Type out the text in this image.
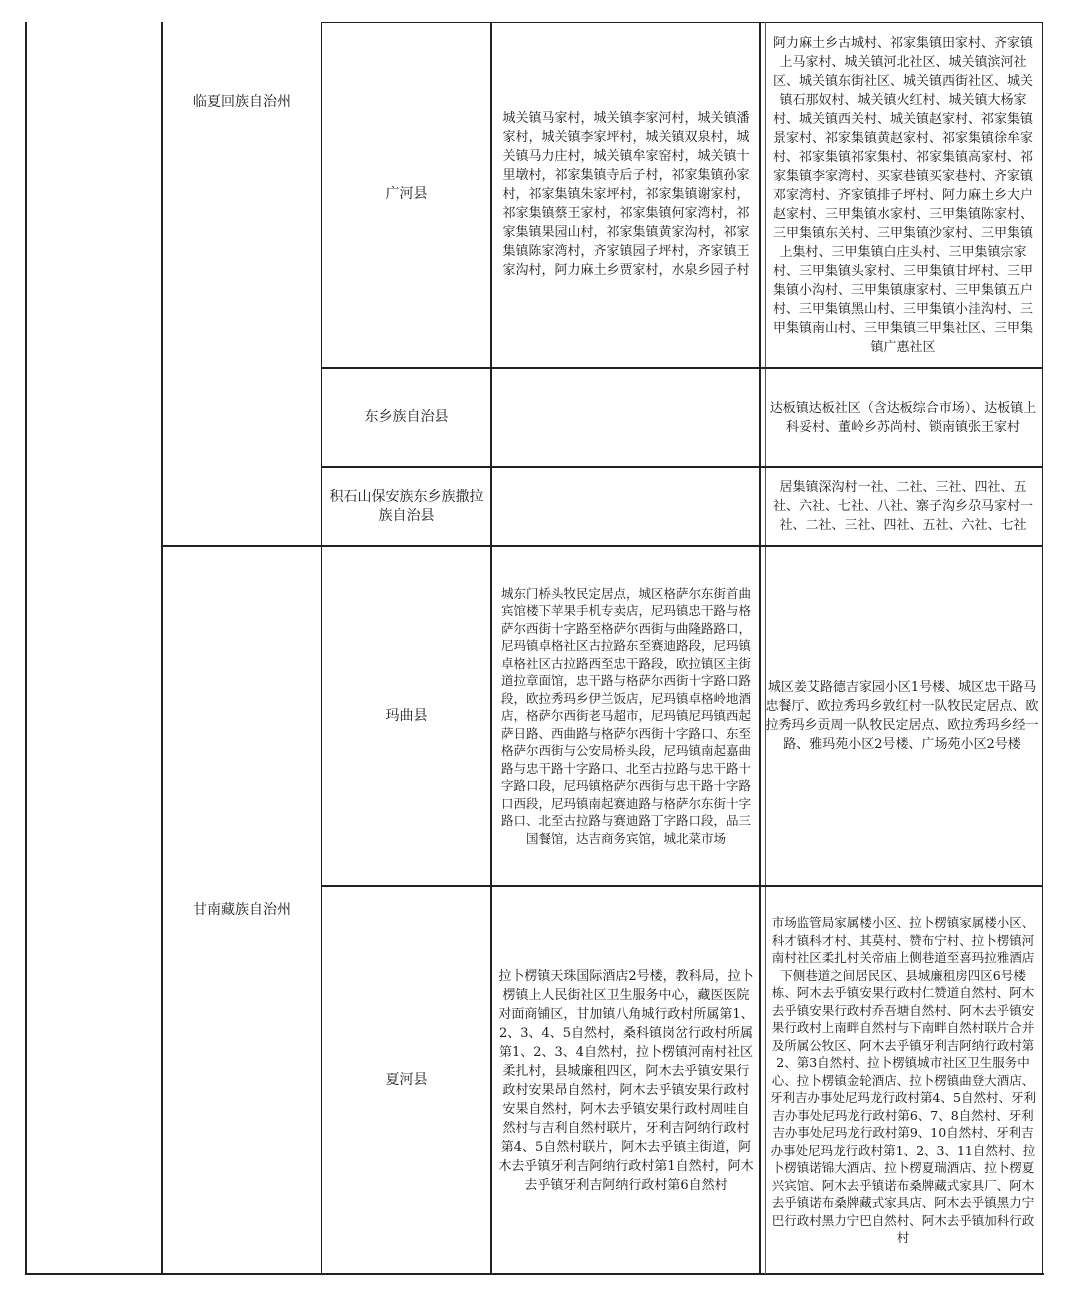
临夏回族自治州
甘南藏族自治州
广河县
城关镇马家村，城关镇李家河村，城关镇潘家村，城关镇李家坪村，城关镇双泉村，城关镇马力庄村，城关镇牟家窑村，城关镇十里墩村，祁家集镇寺后子村，祁家集镇孙家村，祁家集镇朱家坪村，祁家集镇谢家村，祁家集镇蔡王家村，祁家集镇何家湾村，祁家集镇果园山村，祁家集镇黄家沟村，祁家集镇陈家湾村，齐家镇园子坪村，齐家镇王家沟村，阿力麻土乡贾家村，水泉乡园子村
阿力麻土乡古城村、祁家集镇田家村、齐家镇上马家村、城关镇河北社区、城关镇滨河社区、城关镇东街社区、城关镇西街社区、城关镇石那奴村、城关镇火红村、城关镇大杨家村、城关镇西关村、城关镇赵家村、祁家集镇景家村、祁家集镇黄赵家村、祁家集镇徐牟家村、祁家集镇祁家集村、祁家集镇高家村、祁家集镇李家湾村、买家巷镇买家巷村、齐家镇邓家湾村、齐家镇排子坪村、阿力麻土乡大户赵家村、三甲集镇水家村、三甲集镇陈家村、三甲集镇东关村、三甲集镇沙家村、三甲集镇上集村、三甲集镇白庄头村、三甲集镇宗家村、三甲集镇头家村、三甲集镇甘坪村、三甲集镇小沟村、三甲集镇康家村、三甲集镇五户村、三甲集镇黑山村、三甲集镇小洼沟村、三甲集镇南山村、三甲集镇三甲集社区、三甲集镇广惠社区
东乡族自治县
达板镇达板社区（含达板综合市场）、达板镇上科妥村、董岭乡苏尚村、锁南镇张王家村
积石山保安族东乡族撒拉族自治县
居集镇深沟村一社、二社、三社、四社、五社、六社、七社、八社、寨子沟乡尕马家村一社、二社、三社、四社、五社、六社、七社
玛曲县
城东门桥头牧民定居点，城区格萨尔东街首曲宾馆楼下苹果手机专卖店，尼玛镇忠干路与格萨尔西街十字路至格萨尔西街与曲隆路路口，尼玛镇卓格社区古拉路东至赛迪路段，尼玛镇卓格社区古拉路西至忠干路段，欧拉镇区主街道拉章面馆，忠干路与格萨尔西街十字路口路段，欧拉秀玛乡伊兰饭店，尼玛镇卓格岭地酒店，格萨尔西街老马超市，尼玛镇尼玛镇西起萨日路、西曲路与格萨尔西街十字路口、东至格萨尔西街与公安局桥头段，尼玛镇南起嘉曲路与忠干路十字路口、北至古拉路与忠干路十字路口段，尼玛镇格萨尔西街与忠干路十字路口西段，尼玛镇南起赛迪路与格萨尔东街十字路口、北至古拉路与赛迪路丁字路口段，品三国餐馆，达吉商务宾馆，城北菜市场
城区姜艾路德吉家园小区1号楼、城区忠干路马忠餐厅、欧拉秀玛乡敦红村一队牧民定居点、欧拉秀玛乡贡周一队牧民定居点、欧拉秀玛乡经一路、雅玛苑小区2号楼、广场苑小区2号楼
夏河县
拉卜楞镇天珠国际酒店2号楼，教科局，拉卜楞镇上人民街社区卫生服务中心，藏医医院对面商铺区，甘加镇八角城行政村所属第1、2、3、4、5自然村，桑科镇岗岔行政村所属第1、2、3、4自然村，拉卜楞镇河南村社区柔扎村，县城廉租四区，阿木去乎镇安果行政村安果昂自然村，阿木去乎镇安果行政村安果自然村，阿木去乎镇安果行政村周哇自然村与吉利自然村联片，牙利吉阿纳行政村第4、5自然村联片，阿木去乎镇主街道，阿木去乎镇牙利吉阿纳行政村第1自然村，阿木去乎镇牙利吉阿纳行政村第6自然村
市场监管局家属楼小区、拉卜楞镇家属楼小区、科才镇科才村、其莫村、赞布宁村、拉卜楞镇河南村社区柔扎村关帝庙上侧巷道至喜玛拉雅酒店下侧巷道之间居民区、县城廉租房四区6号楼栋、阿木去乎镇安果行政村仁赞道自然村、阿木去乎镇安果行政村乔吾塘自然村、阿木去乎镇安果行政村上南畔自然村与下南畔自然村联片合并及所属公牧区、阿木去乎镇牙利吉阿纳行政村第2、第3自然村、拉卜楞镇城市社区卫生服务中心、拉卜楞镇金轮酒店、拉卜楞镇曲登大酒店、牙利吉办事处尼玛龙行政村第4、5自然村、牙利吉办事处尼玛龙行政村第6、7、8自然村、牙利吉办事处尼玛龙行政村第9、10自然村、牙利吉办事处尼玛龙行政村第1、2、3、11自然村、拉卜楞镇诺锦大酒店、拉卜楞夏瑞酒店、拉卜楞夏兴宾馆、阿木去乎镇诺布桑牌藏式家具厂、阿木去乎镇诺布桑牌藏式家具店、阿木去乎镇黑力宁巴行政村黑力宁巴自然村、阿木去乎镇加科行政村
